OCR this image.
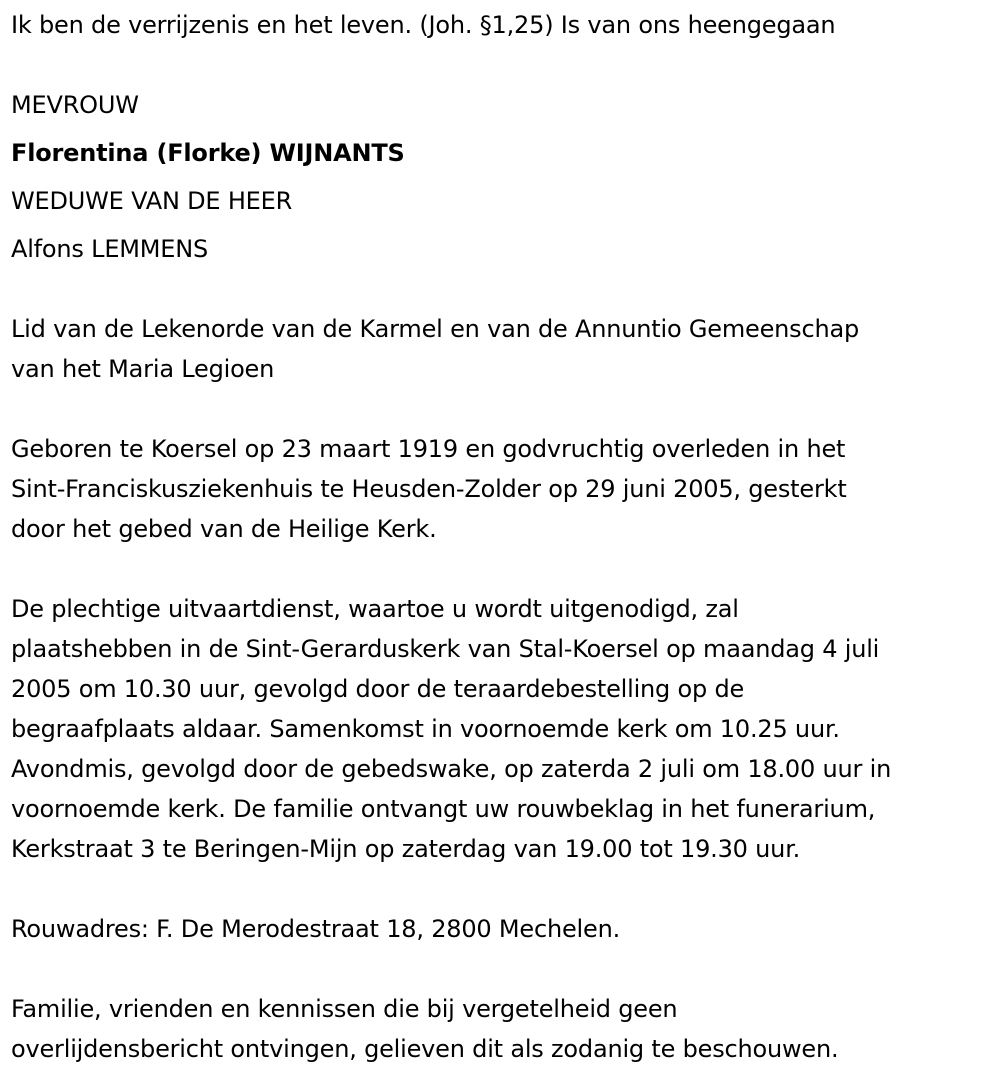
Ik ben de verrijzenis en het leven. (Joh. §1,25) Is van ons heengegaan

MEVROUW

Florentina (Florke) WIJNANTS

WEDUWE VAN DE HEER

Alfons LEMMENS

Lid van de Lekenorde van de Karmel en van de Annuntio Gemeenschap
van het Maria Legioen
Geboren te Koersel op 23 maart 1919 en godvruchtig overleden in het
Sint-Franciskusziekenhuis te Heusden-Zolder op 29 juni 2005, gesterkt
door het gebed van de Heilige Kerk.
De plechtige uitvaartdienst, waartoe u wordt uitgenodigd, zal
plaatshebben in de Sint-Gerarduskerk van Stal-Koersel op maandag 4 juli
2005 om 10.30 uur, gevolgd door de teraardebestelling op de
begraafplaats aldaar. Samenkomst in voornoemde kerk om 10.25 uur.
Avondmis, gevolgd door de gebedswake, op zaterda 2 juli om 18.00 uur in
voornoemde kerk. De familie ontvangt uw rouwbeklag in het funerarium,
Kerkstraat 3 te Beringen-Mijn op zaterdag van 19.00 tot 19.30 uur.

Rouwadres: F. De Merodestraat 18, 2800 Mechelen.

Familie, vrienden en kennissen die bij vergetelheid geen
overlijdensbericht ontvingen, gelieven dit als zodanig te beschouwen.
